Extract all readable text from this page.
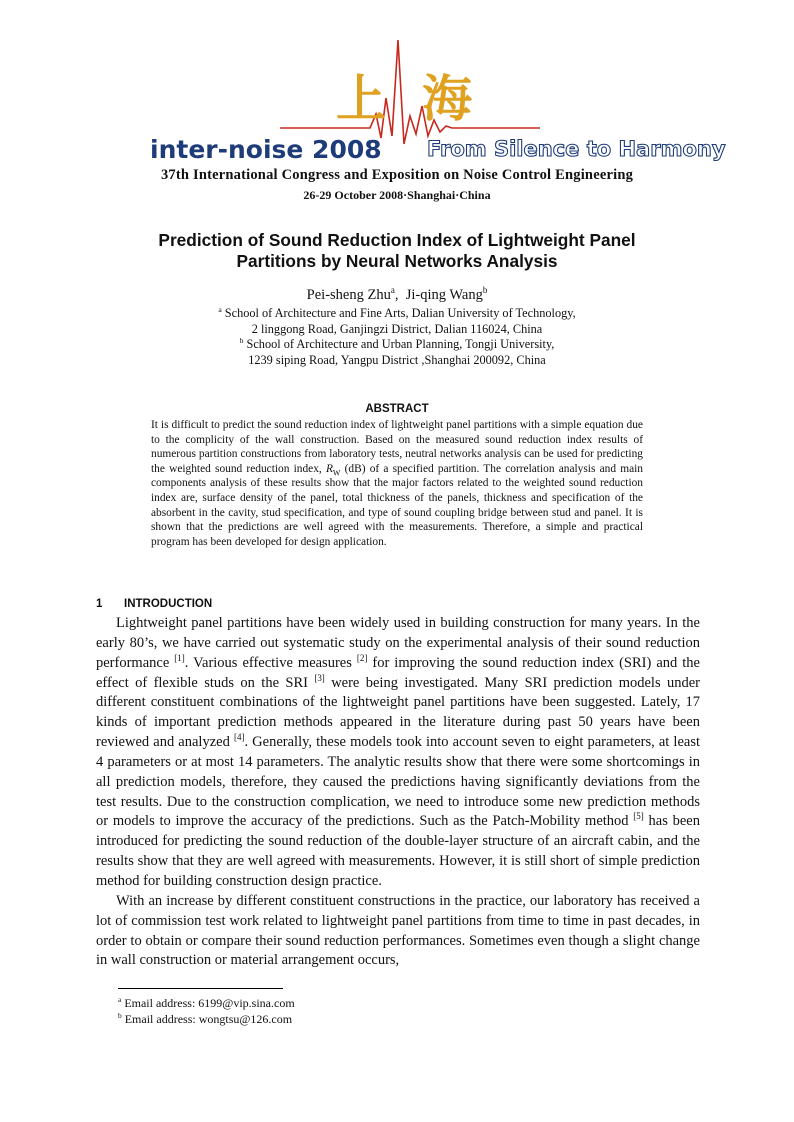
上海
inter-noise 2008 From Silence to Harmony
37th International Congress and Exposition on Noise Control Engineering
26-29 October 2008·Shanghai·China
Prediction of Sound Reduction Index of Lightweight Panel
Partitions by Neural Networks Analysis
Pei-sheng Zhu$^a$, Ji-qing Wang$^b$
$^a$ School of Architecture and Fine Arts, Dalian University of Technology,
2 linggong Road, Ganjingzi District, Dalian 116024, China
$^b$ School of Architecture and Urban Planning, Tongji University,
1239 siping Road, Yangpu District ,Shanghai 200092, China
ABSTRACT
It is difficult to predict the sound reduction index of lightweight panel partitions with a simple equation due to the complicity of the wall construction. Based on the measured sound reduction index results of numerous partition constructions from laboratory tests, neutral networks analysis can be used for predicting the weighted sound reduction index, $R_W$ (dB) of a specified partition. The correlation analysis and main components analysis of these results show that the major factors related to the weighted sound reduction index are, surface density of the panel, total thickness of the panels, thickness and specification of the absorbent in the cavity, stud specification, and type of sound coupling bridge between stud and panel. It is shown that the predictions are well agreed with the measurements. Therefore, a simple and practical program has been developed for design application.
1 INTRODUCTION

Lightweight panel partitions have been widely used in building construction for many years. In the early 80’s, we have carried out systematic study on the experimental analysis of their sound reduction performance [1]. Various effective measures [2] for improving the sound reduction index (SRI) and the effect of flexible studs on the SRI [3] were being investigated. Many SRI prediction models under different constituent combinations of the lightweight panel partitions have been suggested. Lately, 17 kinds of important prediction methods appeared in the literature during past 50 years have been reviewed and analyzed [4]. Generally, these models took into account seven to eight parameters, at least 4 parameters or at most 14 parameters. The analytic results show that there were some shortcomings in all prediction models, therefore, they caused the predictions having significantly deviations from the test results. Due to the construction complication, we need to introduce some new prediction methods or models to improve the accuracy of the predictions. Such as the Patch-Mobility method [5] has been introduced for predicting the sound reduction of the double-layer structure of an aircraft cabin, and the results show that they are well agreed with measurements. However, it is still short of simple prediction method for building construction design practice.

With an increase by different constituent constructions in the practice, our laboratory has received a lot of commission test work related to lightweight panel partitions from time to time in past decades, in order to obtain or compare their sound reduction performances. Sometimes even though a slight change in wall construction or material arrangement occurs,

$^a$ Email address: 6199@vip.sina.com
$^b$ Email address: wongtsu@126.com
